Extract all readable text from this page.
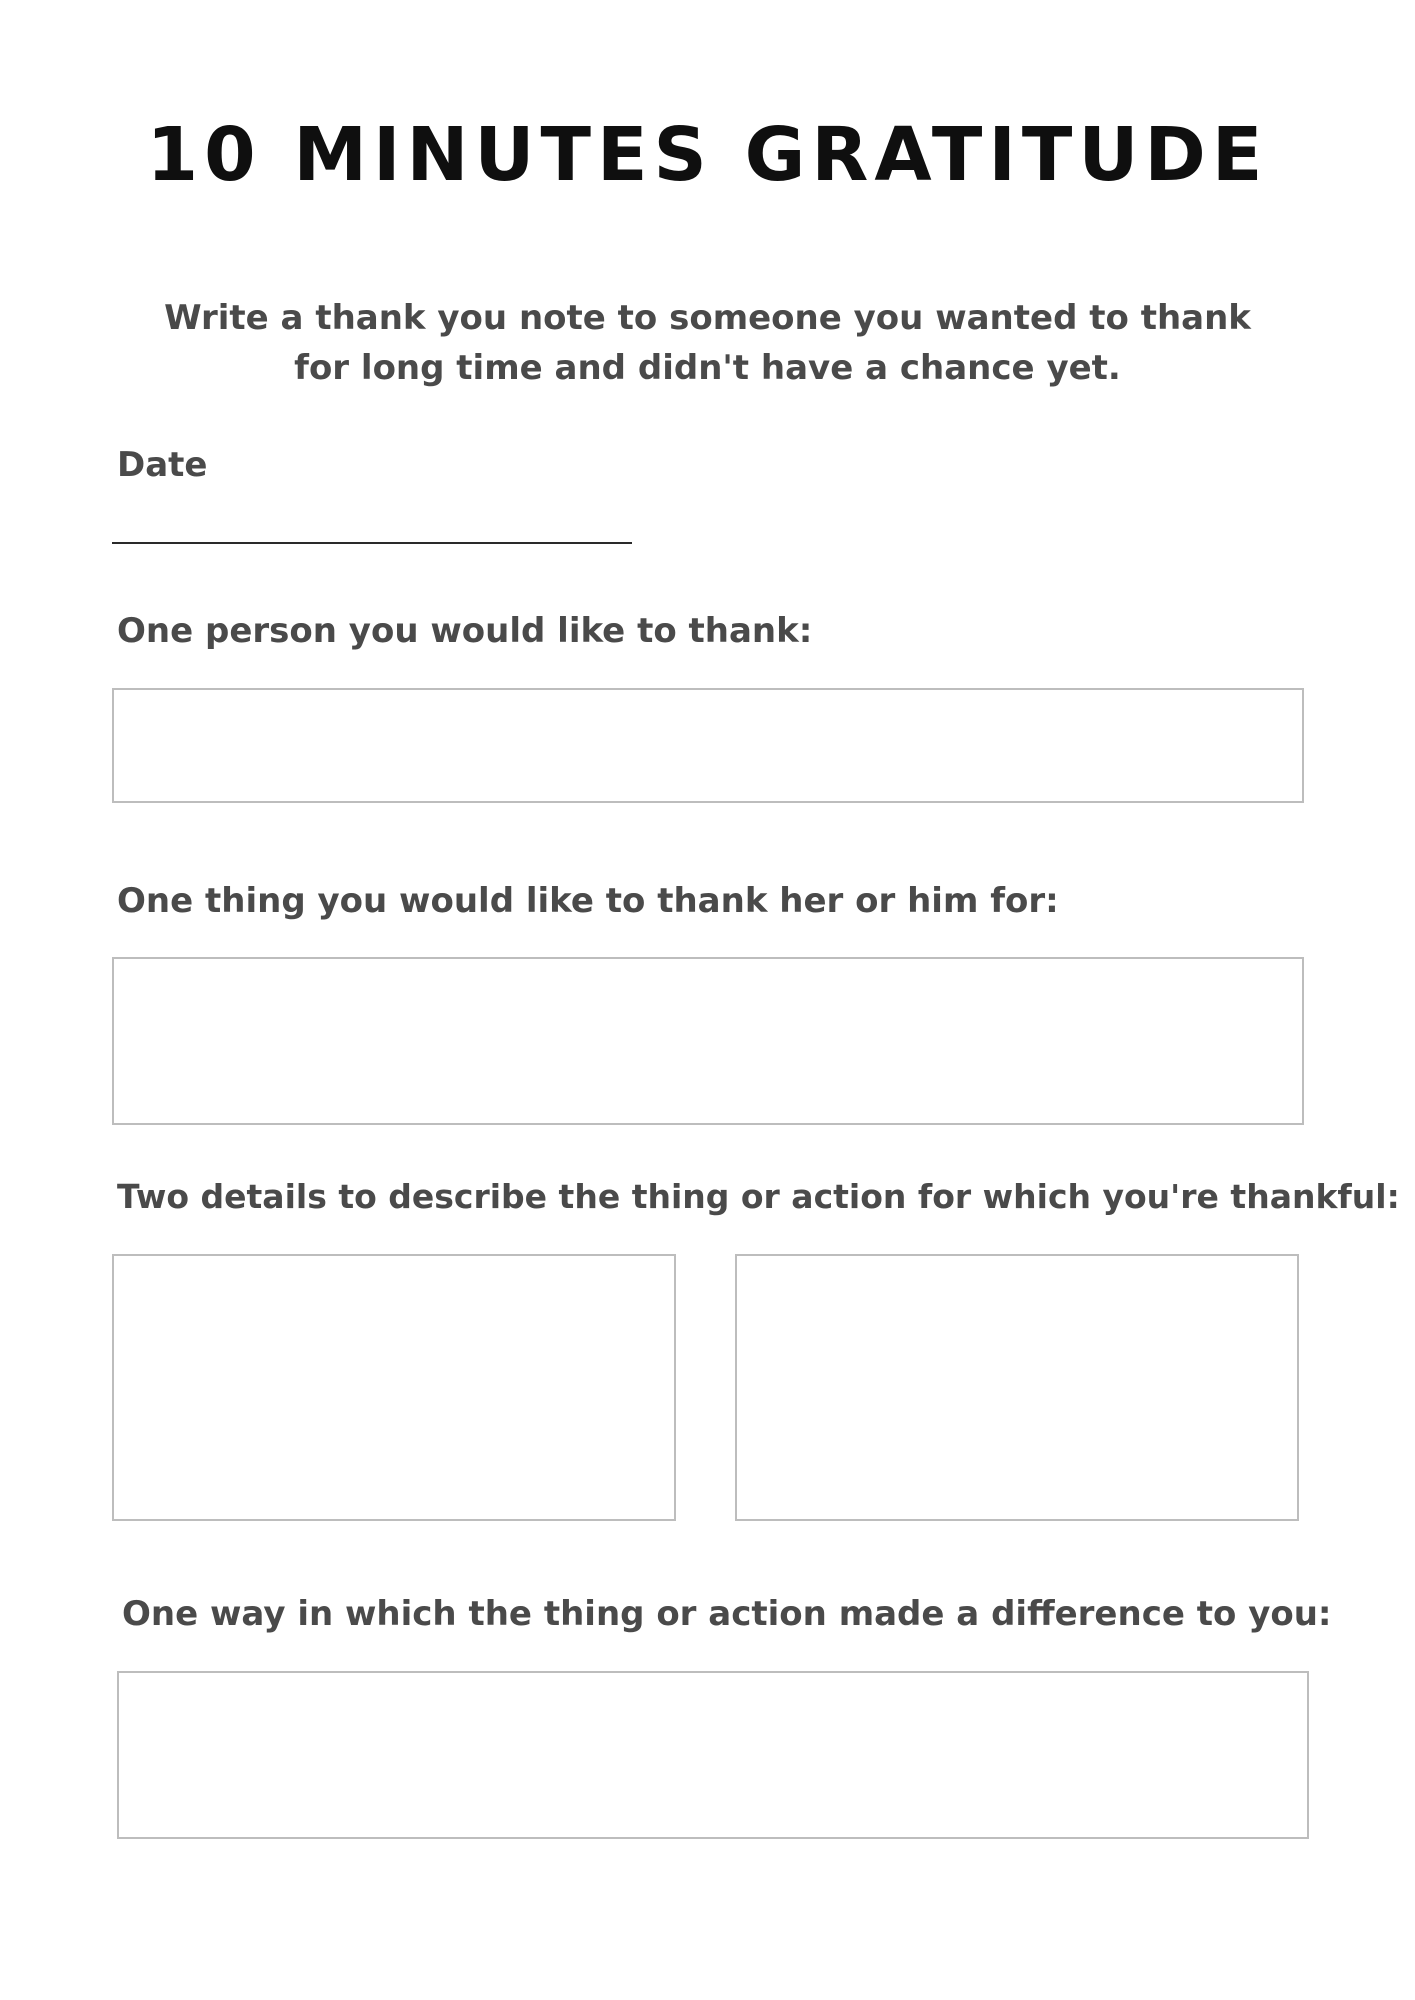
10 MINUTES GRATITUDE
Write a thank you note to someone you wanted to thank
for long time and didn't have a chance yet.
Date
One person you would like to thank:
One thing you would like to thank her or him for:
Two details to describe the thing or action for which you're thankful:
One way in which the thing or action made a difference to you:
